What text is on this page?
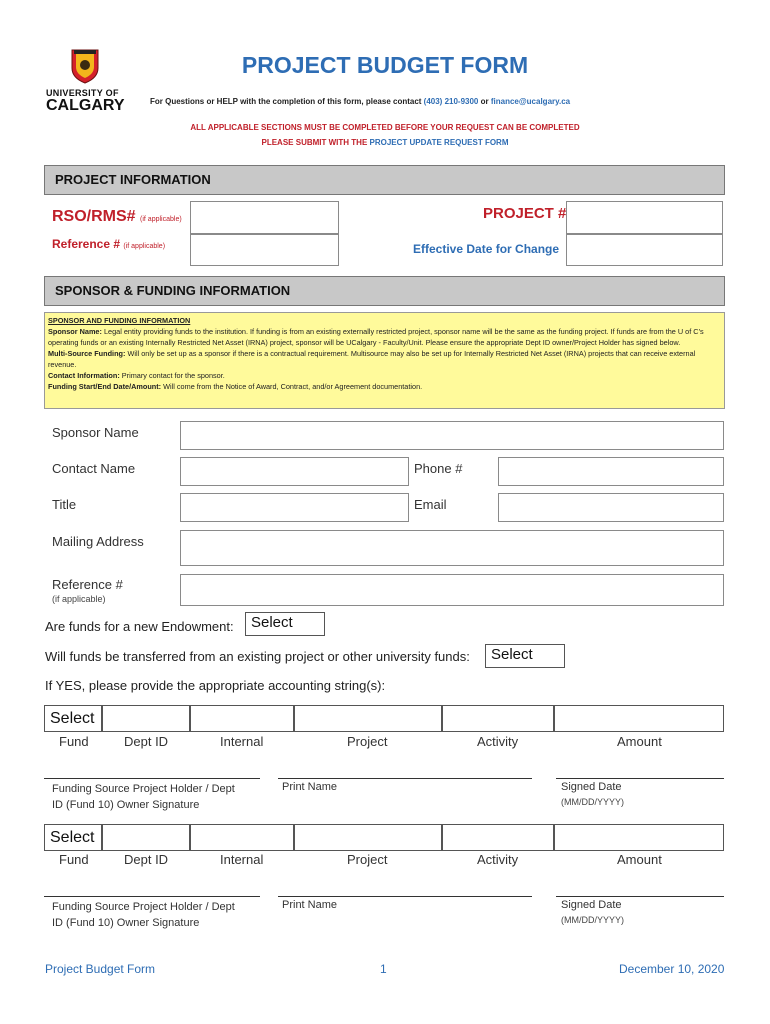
UNIVERSITY OF
CALGARY
PROJECT BUDGET FORM
For Questions or HELP with the completion of this form, please contact (403) 210-9300 or finance@ucalgary.ca
ALL APPLICABLE SECTIONS MUST BE COMPLETED BEFORE YOUR REQUEST CAN BE COMPLETED
PLEASE SUBMIT WITH THE PROJECT UPDATE REQUEST FORM
PROJECT INFORMATION
RSO/RMS# (if applicable)
Reference # (if applicable)
PROJECT #
Effective Date for Change
SPONSOR & FUNDING INFORMATION
SPONSOR AND FUNDING INFORMATION
Sponsor Name: Legal entity providing funds to the institution. If funding is from an existing externally restricted project, sponsor name will be the same as the funding project. If funds are from the U of C's operating funds or an existing Internally Restricted Net Asset (IRNA) project, sponsor will be UCalgary - Faculty/Unit. Please ensure the appropriate Dept ID owner/Project Holder has signed below.
Multi-Source Funding: Will only be set up as a sponsor if there is a contractual requirement. Multisource may also be set up for Internally Restricted Net Asset (IRNA) projects that can receive external revenue.
Contact Information: Primary contact for the sponsor.
Funding Start/End Date/Amount: Will come from the Notice of Award, Contract, and/or Agreement documentation.
Sponsor Name
Contact Name	Phone #
Title	Email
Mailing Address
Reference #
(if applicable)
Are funds for a new Endowment:	Select
Will funds be transferred from an existing project or other university funds:	Select
If YES, please provide the appropriate accounting string(s):
Select
Fund	Dept ID	Internal	Project	Activity	Amount
Funding Source Project Holder / Dept
ID (Fund 10) Owner Signature
Print Name	Signed Date
(MM/DD/YYYY)
Select
Fund	Dept ID	Internal	Project	Activity	Amount
Funding Source Project Holder / Dept
ID (Fund 10) Owner Signature
Print Name	Signed Date
(MM/DD/YYYY)
Project Budget Form	1	December 10, 2020
